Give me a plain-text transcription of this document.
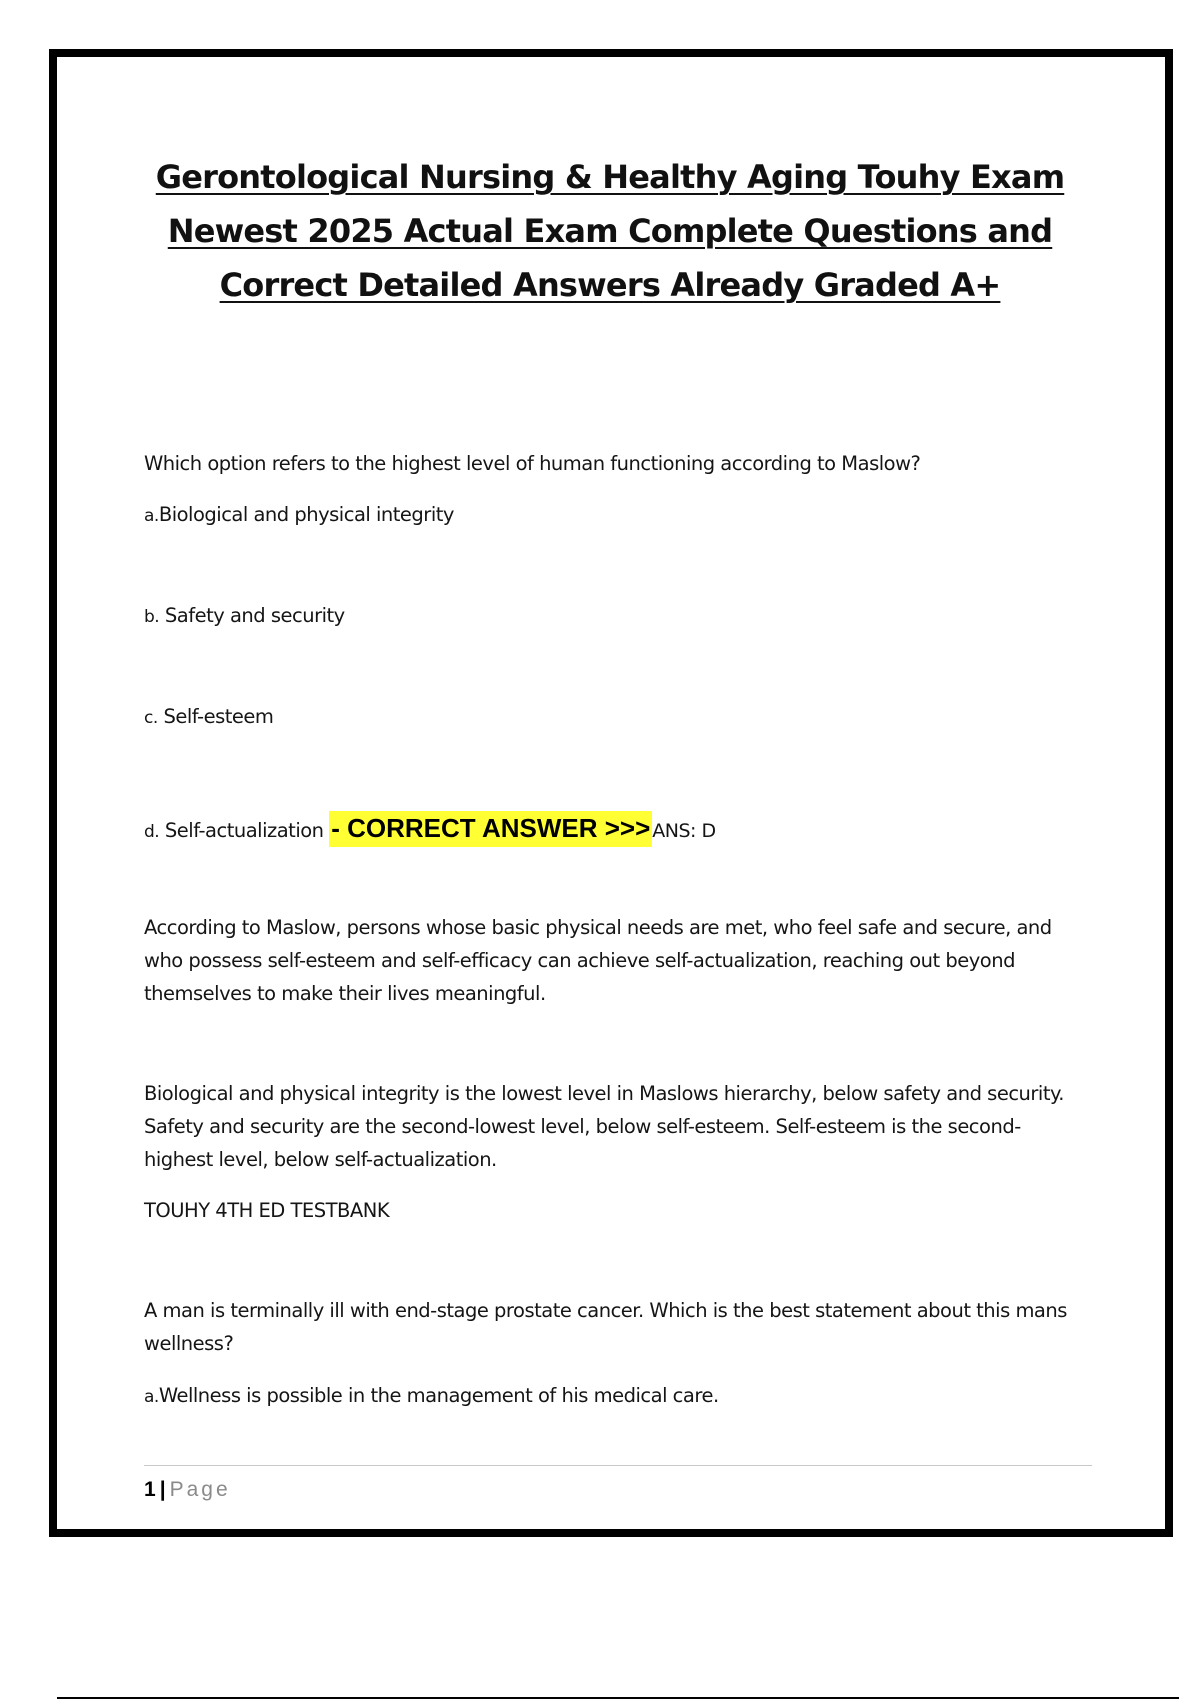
Gerontological Nursing & Healthy Aging Touhy Exam
Newest 2025 Actual Exam Complete Questions and
Correct Detailed Answers Already Graded A+
Which option refers to the highest level of human functioning according to Maslow?
a.Biological and physical integrity
b. Safety and security
c. Self-esteem
d. Self-actualization - CORRECT ANSWER >>> ANS: D
According to Maslow, persons whose basic physical needs are met, who feel safe and secure, and who possess self-esteem and self-efficacy can achieve self-actualization, reaching out beyond themselves to make their lives meaningful.
Biological and physical integrity is the lowest level in Maslows hierarchy, below safety and security. Safety and security are the second-lowest level, below self-esteem. Self-esteem is the second-highest level, below self-actualization.
TOUHY 4TH ED TESTBANK
A man is terminally ill with end-stage prostate cancer. Which is the best statement about this mans wellness?
a.Wellness is possible in the management of his medical care.
1 | Page
